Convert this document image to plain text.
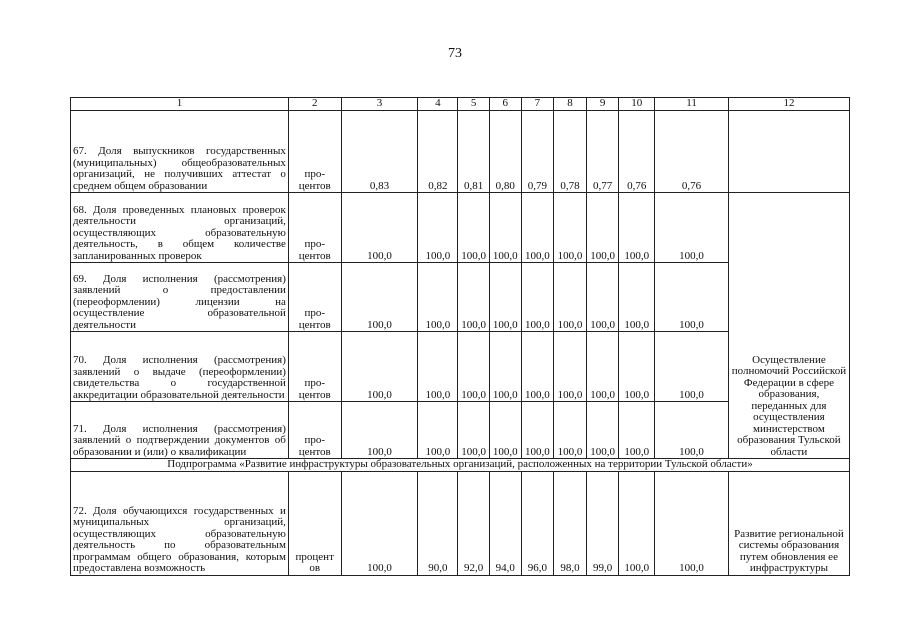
73
1	2	3	4	5	6	7	8	9	10	11	12

67. Доля выпускников государственных (муниципальных) общеобразовательных организаций, не получивших аттестат о среднем общем образовании	про-центов	0,83	0,82	0,81	0,80	0,79	0,78	0,77	0,76	0,76	

68. Доля проведенных плановых проверок деятельности организаций, осуществляющих образовательную деятельность, в общем количестве запланированных проверок	про-центов	100,0	100,0	100,0	100,0	100,0	100,0	100,0	100,0	100,0	Осуществление полномочий Российской Федерации в сфере образования, переданных для осуществления министерством образования Тульской области

69. Доля исполнения (рассмотрения) заявлений о предоставлении (переоформлении) лицензии на осуществление образовательной деятельности	про-центов	100,0	100,0	100,0	100,0	100,0	100,0	100,0	100,0	100,0	

70. Доля исполнения (рассмотрения) заявлений о выдаче (переоформлении) свидетельства о государственной аккредитации образовательной деятельности	про-центов	100,0	100,0	100,0	100,0	100,0	100,0	100,0	100,0	100,0	

71. Доля исполнения (рассмотрения) заявлений о подтверждении документов об образовании и (или) о квалификации	про-центов	100,0	100,0	100,0	100,0	100,0	100,0	100,0	100,0	100,0	
Подпрограмма «Развитие инфраструктуры образовательных организаций, расположенных на территории Тульской области»											

72. Доля обучающихся государственных и муниципальных организаций, осуществляющих образовательную деятельность по образовательным программам общего образования, которым предоставлена возможность	процент ов	100,0	90,0	92,0	94,0	96,0	98,0	99,0	100,0	100,0	Развитие региональной системы образования путем обновления ее инфраструктуры
